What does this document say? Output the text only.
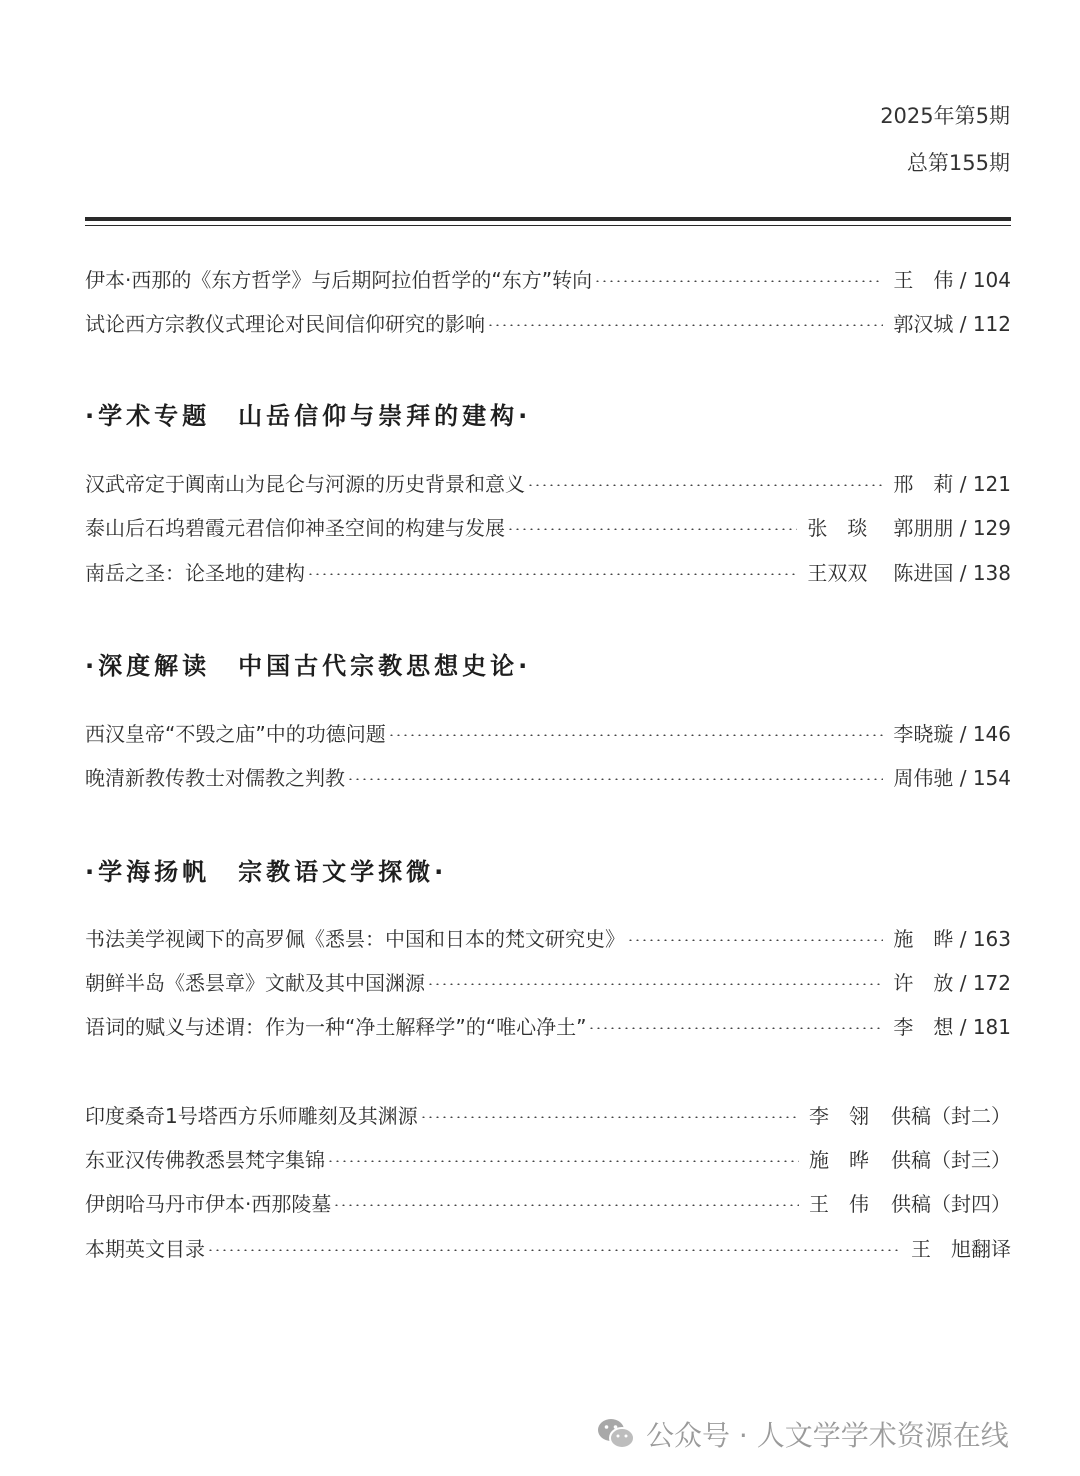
2025年第5期
总第155期
伊本·西那的《东方哲学》与后期阿拉伯哲学的“东方”转向	王　伟 / 104
试论西方宗教仪式理论对民间信仰研究的影响	郭汉城 / 112
·学术专题　山岳信仰与崇拜的建构·
汉武帝定于阗南山为昆仑与河源的历史背景和意义	邢　莉 / 121
泰山后石坞碧霞元君信仰神圣空间的构建与发展	张　琰 郭朋朋 / 129
南岳之圣：论圣地的建构	王双双 陈进国 / 138
·深度解读　中国古代宗教思想史论·
西汉皇帝“不毁之庙”中的功德问题	李晓璇 / 146
晚清新教传教士对儒教之判教	周伟驰 / 154
·学海扬帆　宗教语文学探微·
书法美学视阈下的高罗佩《悉昙：中国和日本的梵文研究史》	施　晔 / 163
朝鲜半岛《悉昙章》文献及其中国渊源	许　放 / 172
语词的赋义与述谓：作为一种“净土解释学”的“唯心净土”	李　想 / 181
印度桑奇1号塔西方乐师雕刻及其渊源	李　翎 供稿（封二）
东亚汉传佛教悉昙梵字集锦	施　晔 供稿（封三）
伊朗哈马丹市伊本·西那陵墓	王　伟 供稿（封四）
本期英文目录	王　旭翻译
公众号 · 人文学学术资源在线
